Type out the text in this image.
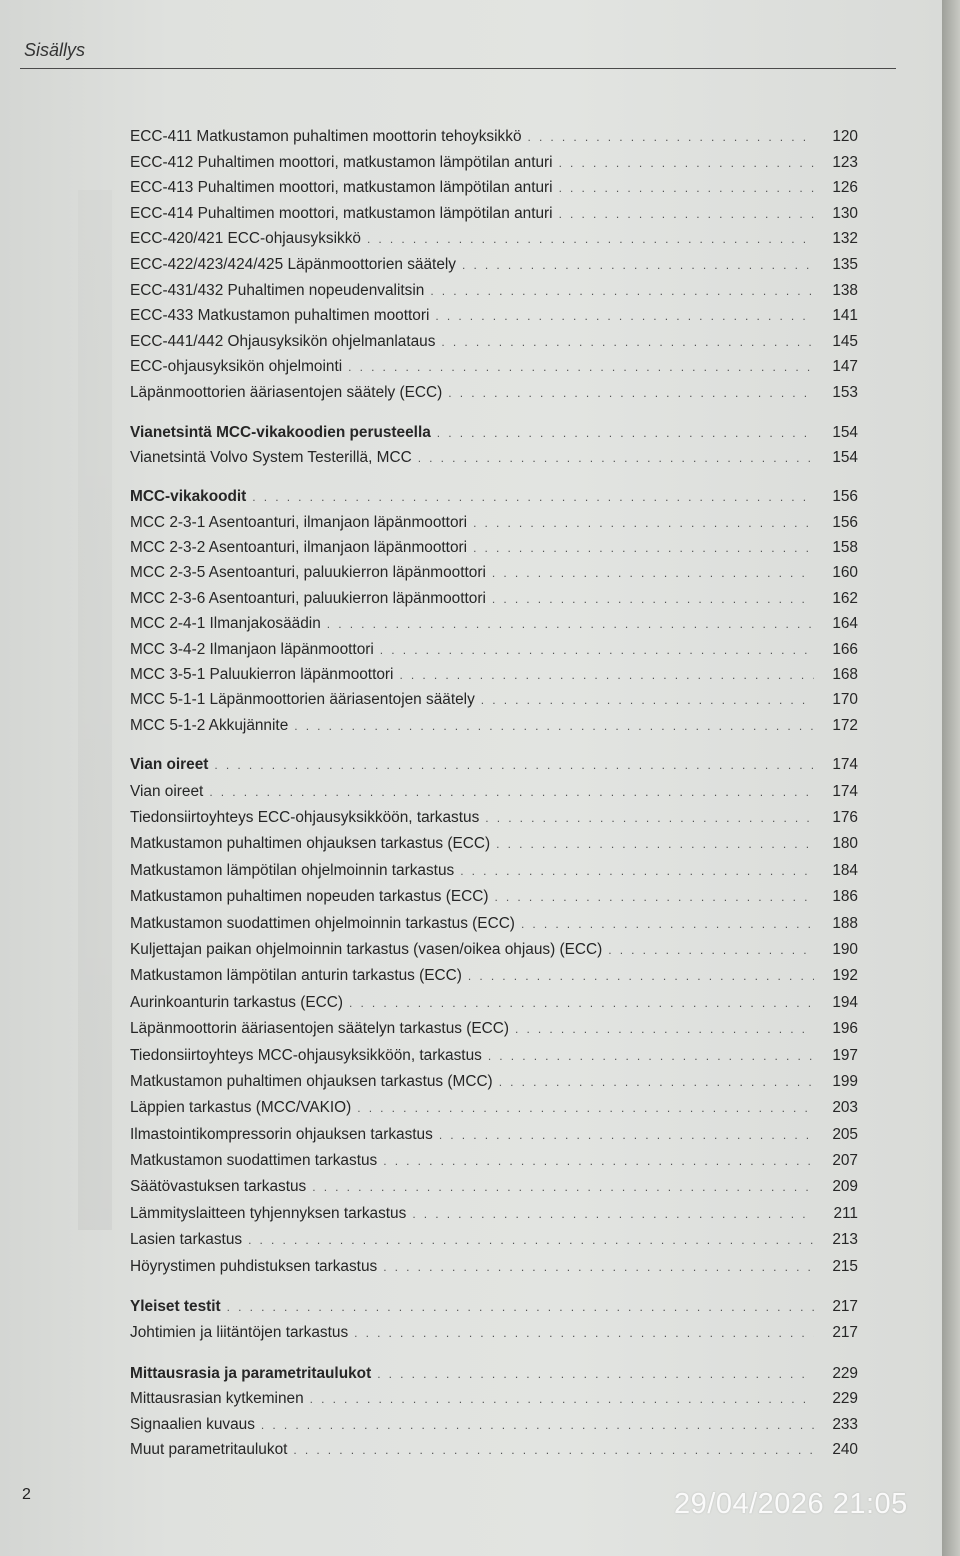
Sisällys
ECC-411 Matkustamon puhaltimen moottorin tehoyksikkö . . .	120
ECC-412 Puhaltimen moottori, matkustamon lämpötilan anturi . . .	123
ECC-413 Puhaltimen moottori, matkustamon lämpötilan anturi . . .	126
ECC-414 Puhaltimen moottori, matkustamon lämpötilan anturi . . .	130
ECC-420/421 ECC-ohjausyksikkö . . .	132
ECC-422/423/424/425 Läpänmoottorien säätely . . .	135
ECC-431/432 Puhaltimen nopeudenvalitsin . . .	138
ECC-433 Matkustamon puhaltimen moottori . . .	141
ECC-441/442 Ohjausyksikön ohjelmanlataus . . .	145
ECC-ohjausyksikön ohjelmointi . . .	147
Läpänmoottorien ääriasentojen säätely (ECC) . . .	153
Vianetsintä MCC-vikakoodien perusteella . . .	154
Vianetsintä Volvo System Testerillä, MCC . . .	154
MCC-vikakoodit . . .	156
MCC 2-3-1 Asentoanturi, ilmanjaon läpänmoottori . . .	156
MCC 2-3-2 Asentoanturi, ilmanjaon läpänmoottori . . .	158
MCC 2-3-5 Asentoanturi, paluukierron läpänmoottori . . .	160
MCC 2-3-6 Asentoanturi, paluukierron läpänmoottori . . .	162
MCC 2-4-1 Ilmanjakosäädin . . .	164
MCC 3-4-2 Ilmanjaon läpänmoottori . . .	166
MCC 3-5-1 Paluukierron läpänmoottori . . .	168
MCC 5-1-1 Läpänmoottorien ääriasentojen säätely . . .	170
MCC 5-1-2 Akkujännite . . .	172
Vian oireet . . .	174
Vian oireet . . .	174
Tiedonsiirtoyhteys ECC-ohjausyksikköön, tarkastus . . .	176
Matkustamon puhaltimen ohjauksen tarkastus (ECC) . . .	180
Matkustamon lämpötilan ohjelmoinnin tarkastus . . .	184
Matkustamon puhaltimen nopeuden tarkastus (ECC) . . .	186
Matkustamon suodattimen ohjelmoinnin tarkastus (ECC) . . .	188
Kuljettajan paikan ohjelmoinnin tarkastus (vasen/oikea ohjaus) (ECC) . . .	190
Matkustamon lämpötilan anturin tarkastus (ECC) . . .	192
Aurinkoanturin tarkastus (ECC) . . .	194
Läpänmoottorin ääriasentojen säätelyn tarkastus (ECC) . . .	196
Tiedonsiirtoyhteys MCC-ohjausyksikköön, tarkastus . . .	197
Matkustamon puhaltimen ohjauksen tarkastus (MCC) . . .	199
Läppien tarkastus (MCC/VAKIO) . . .	203
Ilmastointikompressorin ohjauksen tarkastus . . .	205
Matkustamon suodattimen tarkastus . . .	207
Säätövastuksen tarkastus . . .	209
Lämmityslaitteen tyhjennyksen tarkastus . . .	211
Lasien tarkastus . . .	213
Höyrystimen puhdistuksen tarkastus . . .	215
Yleiset testit . . .	217
Johtimien ja liitäntöjen tarkastus . . .	217
Mittausrasia ja parametritaulukot . . .	229
Mittausrasian kytkeminen . . .	229
Signaalien kuvaus . . .	233
Muut parametritaulukot . . .	240
2	29/04/2026 21:05
